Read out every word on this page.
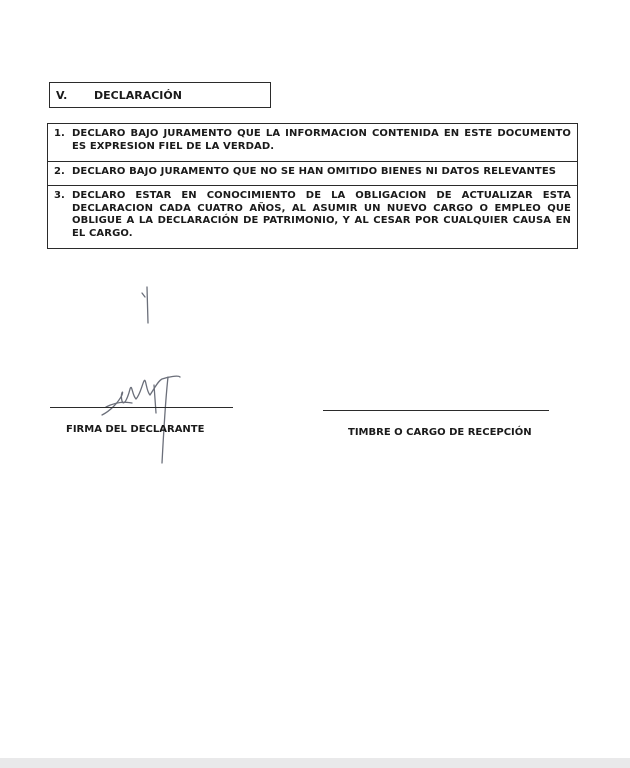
V.	DECLARACIÓN
1. DECLARO BAJO JURAMENTO QUE LA INFORMACION CONTENIDA EN ESTE DOCUMENTO ES EXPRESION FIEL DE LA VERDAD.
2. DECLARO BAJO JURAMENTO QUE NO SE HAN OMITIDO BIENES NI DATOS RELEVANTES
3. DECLARO ESTAR EN CONOCIMIENTO DE LA OBLIGACION DE ACTUALIZAR ESTA DECLARACION CADA CUATRO AÑOS, AL ASUMIR UN NUEVO CARGO O EMPLEO QUE OBLIGUE A LA DECLARACIÓN DE PATRIMONIO, Y AL CESAR POR CUALQUIER CAUSA EN EL CARGO.
FIRMA DEL DECLARANTE	TIMBRE O CARGO DE RECEPCIÓN
